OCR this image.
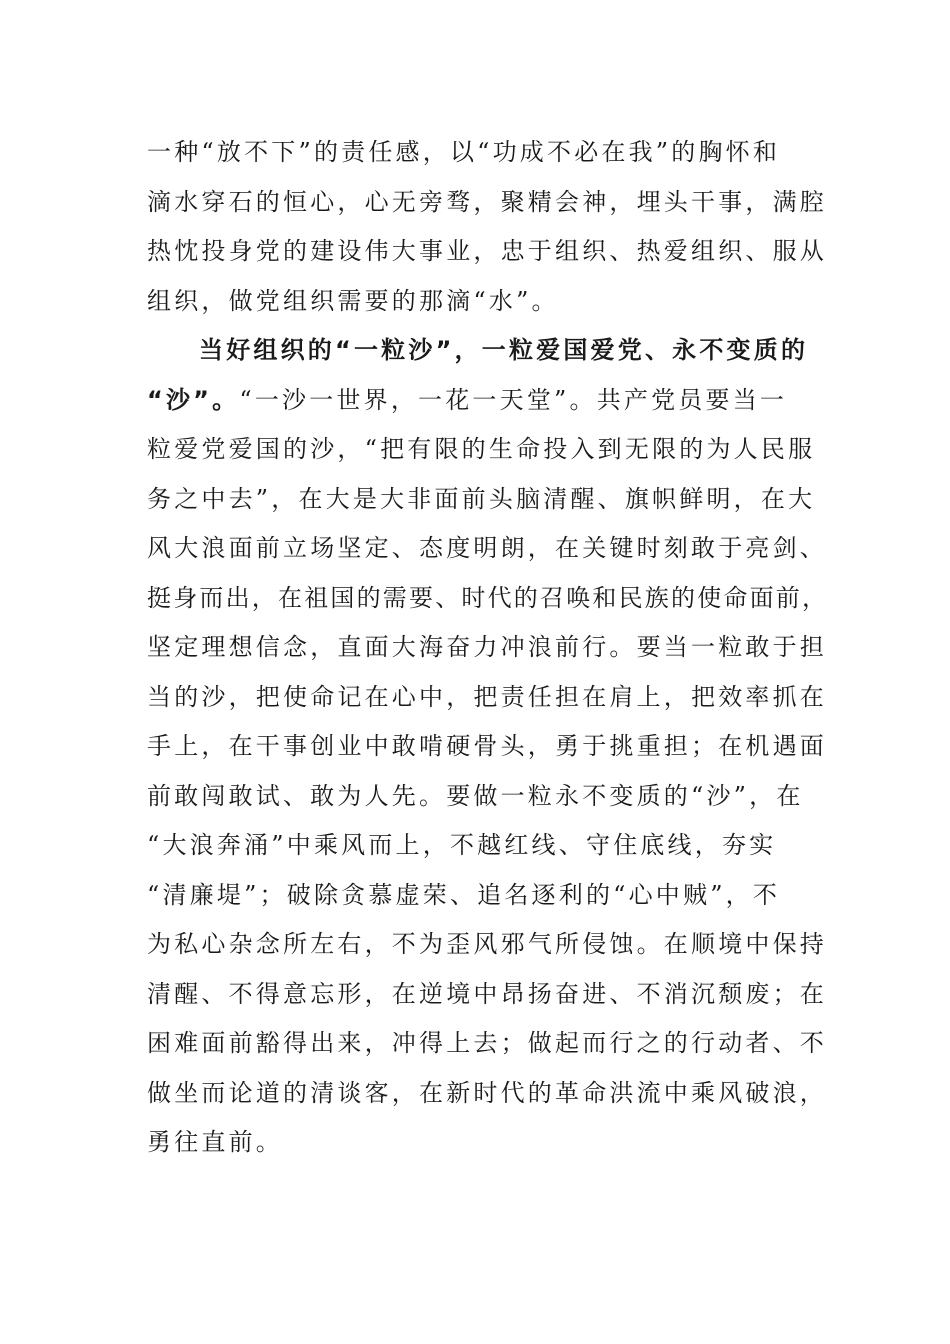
一种“放不下”的责任感，以“功成不必在我”的胸怀和
滴水穿石的恒心，心无旁骛，聚精会神，埋头干事，满腔
热忱投身党的建设伟大事业，忠于组织、热爱组织、服从
组织，做党组织需要的那滴“水”。
当好组织的“一粒沙”，一粒爱国爱党、永不变质的
“沙”。“一沙一世界，一花一天堂”。共产党员要当一
粒爱党爱国的沙，“把有限的生命投入到无限的为人民服
务之中去”，在大是大非面前头脑清醒、旗帜鲜明，在大
风大浪面前立场坚定、态度明朗，在关键时刻敢于亮剑、
挺身而出，在祖国的需要、时代的召唤和民族的使命面前，
坚定理想信念，直面大海奋力冲浪前行。要当一粒敢于担
当的沙，把使命记在心中，把责任担在肩上，把效率抓在
手上，在干事创业中敢啃硬骨头，勇于挑重担；在机遇面
前敢闯敢试、敢为人先。要做一粒永不变质的“沙”，在
“大浪奔涌”中乘风而上，不越红线、守住底线，夯实
“清廉堤”；破除贪慕虚荣、追名逐利的“心中贼”，不
为私心杂念所左右，不为歪风邪气所侵蚀。在顺境中保持
清醒、不得意忘形，在逆境中昂扬奋进、不消沉颓废；在
困难面前豁得出来，冲得上去；做起而行之的行动者、不
做坐而论道的清谈客，在新时代的革命洪流中乘风破浪，
勇往直前。
